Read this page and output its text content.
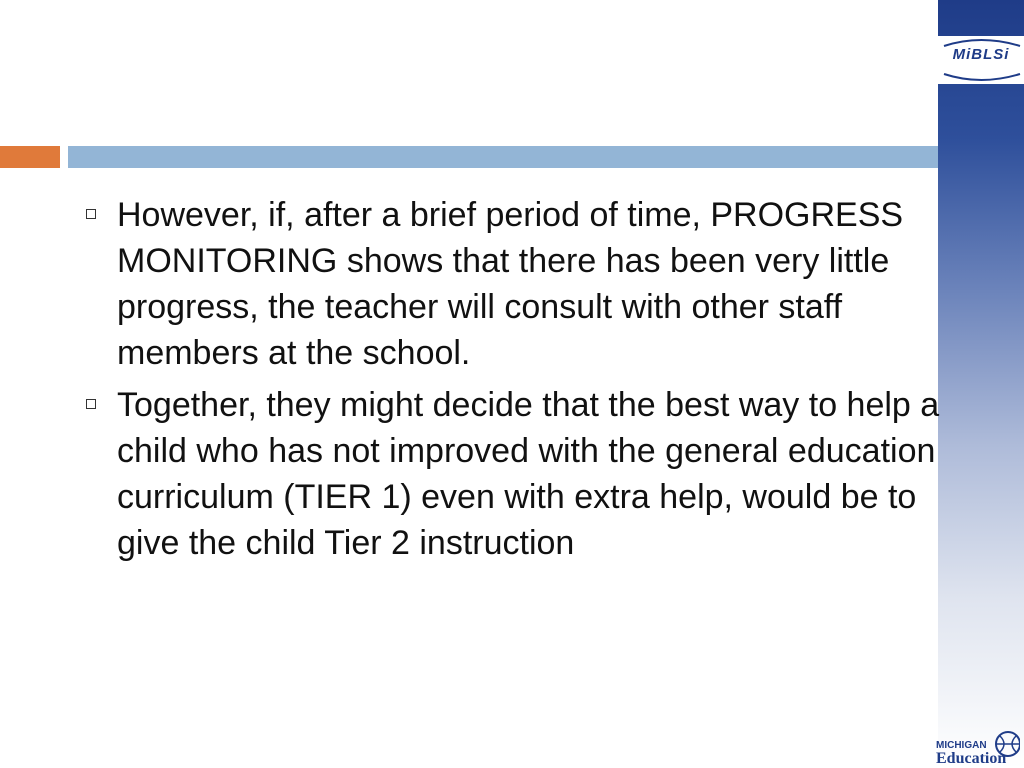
MiBLSi
However, if, after a brief period of time, PROGRESS MONITORING shows that there has been very little progress, the teacher will consult with other staff members at the school.
Together, they might decide that the best way to help a child who has not improved with the general education curriculum (TIER 1) even with extra help, would be to give the child Tier 2 instruction
MICHIGAN
Education
